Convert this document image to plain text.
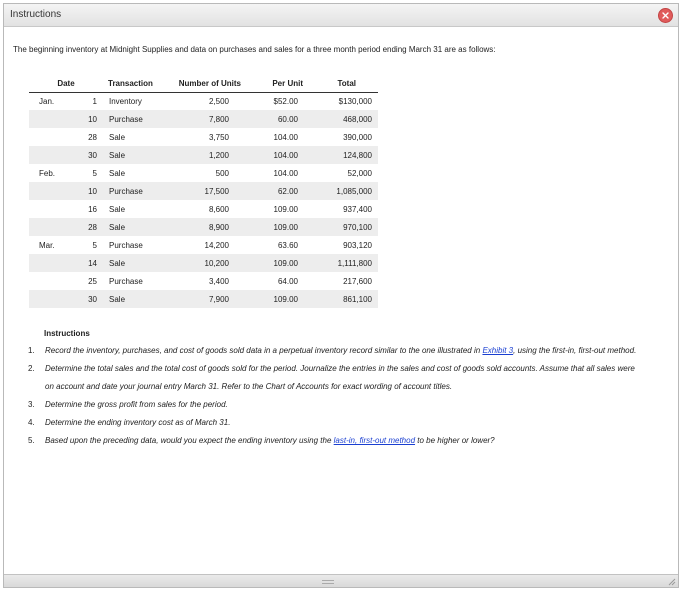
Instructions
The beginning inventory at Midnight Supplies and data on purchases and sales for a three month period ending March 31 are as follows:
Date		Transaction	Number of Units	Per Unit	Total
Jan.	1	Inventory	2,500	$52.00	$130,000
	10	Purchase	7,800	60.00	468,000
	28	Sale	3,750	104.00	390,000
	30	Sale	1,200	104.00	124,800
Feb.	5	Sale	500	104.00	52,000
	10	Purchase	17,500	62.00	1,085,000
	16	Sale	8,600	109.00	937,400
	28	Sale	8,900	109.00	970,100
Mar.	5	Purchase	14,200	63.60	903,120
	14	Sale	10,200	109.00	1,111,800
	25	Purchase	3,400	64.00	217,600
	30	Sale	7,900	109.00	861,100
Instructions
1. Record the inventory, purchases, and cost of goods sold data in a perpetual inventory record similar to the one illustrated in Exhibit 3, using the first-in, first-out method.
2. Determine the total sales and the total cost of goods sold for the period. Journalize the entries in the sales and cost of goods sold accounts. Assume that all sales were on account and date your journal entry March 31. Refer to the Chart of Accounts for exact wording of account titles.
3. Determine the gross profit from sales for the period.
4. Determine the ending inventory cost as of March 31.
5. Based upon the preceding data, would you expect the ending inventory using the last-in, first-out method to be higher or lower?
